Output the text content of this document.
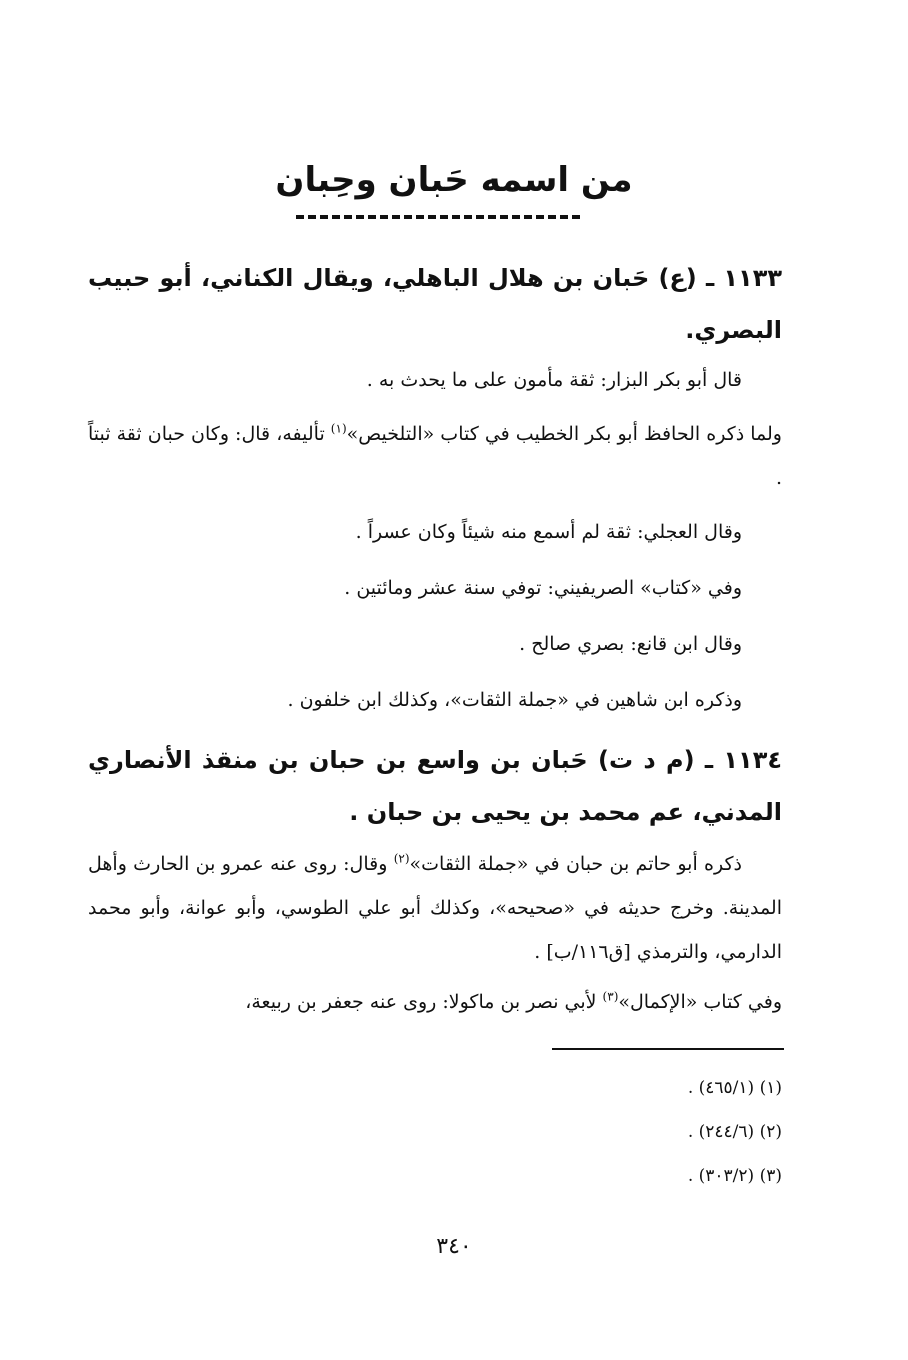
من اسمه حَبان وحِبان
١١٣٣ ـ (ع) حَبان بن هلال الباهلي، ويقال الكناني، أبو حبيب البصري.

قال أبو بكر البزار: ثقة مأمون على ما يحدث به .

ولما ذكره الحافظ أبو بكر الخطيب في كتاب «التلخيص»$^{(١)}$ تأليفه، قال: وكان حبان ثقة ثبتاً .

وقال العجلي: ثقة لم أسمع منه شيئاً وكان عسراً .

وفي «كتاب» الصريفيني: توفي سنة عشر ومائتين .

وقال ابن قانع: بصري صالح .

وذكره ابن شاهين في «جملة الثقات»، وكذلك ابن خلفون .

١١٣٤ ـ (م د ت) حَبان بن واسع بن حبان بن منقذ الأنصاري المدني، عم محمد بن يحيى بن حبان .

ذكره أبو حاتم بن حبان في «جملة الثقات»$^{(٢)}$ وقال: روى عنه عمرو بن الحارث وأهل المدينة. وخرج حديثه في «صحيحه»، وكذلك أبو علي الطوسي، وأبو عوانة، وأبو محمد الدارمي، والترمذي [ق١١٦/ب] .

وفي كتاب «الإكمال»$^{(٣)}$ لأبي نصر بن ماكولا: روى عنه جعفر بن ربيعة،

(١) (٤٦٥/١) .
(٢) (٢٤٤/٦) .
(٣) (٣٠٣/٢) .
٣٤٠
